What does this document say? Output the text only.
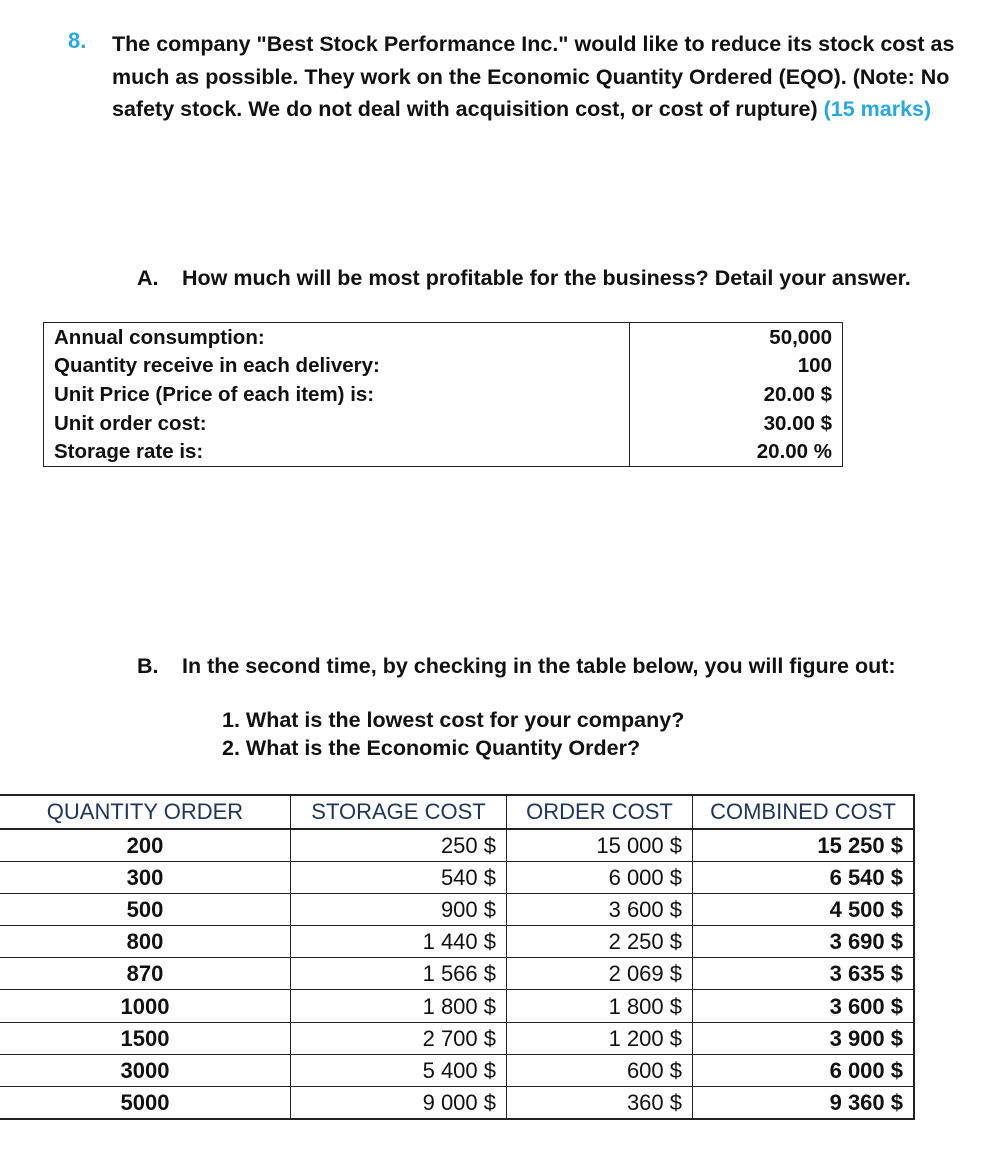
8. The company "Best Stock Performance Inc." would like to reduce its stock cost as much as possible. They work on the Economic Quantity Ordered (EQO). (Note: No safety stock. We do not deal with acquisition cost, or cost of rupture) (15 marks)
A. How much will be most profitable for the business? Detail your answer.
Annual consumption:	50,000
Quantity receive in each delivery:	100
Unit Price (Price of each item) is:	20.00 $
Unit order cost:	30.00 $
Storage rate is:	20.00 %
B. In the second time, by checking in the table below, you will figure out:
1. What is the lowest cost for your company?
2. What is the Economic Quantity Order?
QUANTITY ORDER	STORAGE COST	ORDER COST	COMBINED COST
200	250 $	15 000 $	15 250 $
300	540 $	6 000 $	6 540 $
500	900 $	3 600 $	4 500 $
800	1 440 $	2 250 $	3 690 $
870	1 566 $	2 069 $	3 635 $
1000	1 800 $	1 800 $	3 600 $
1500	2 700 $	1 200 $	3 900 $
3000	5 400 $	600 $	6 000 $
5000	9 000 $	360 $	9 360 $
